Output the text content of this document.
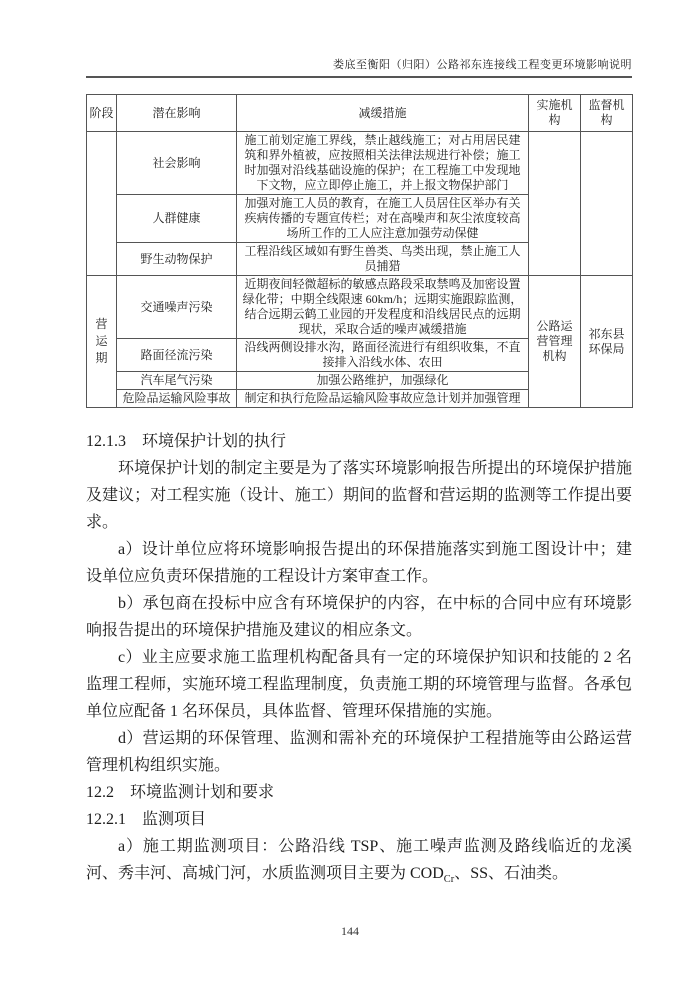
娄底至衡阳（归阳）公路祁东连接线工程变更环境影响说明
阶段	潜在影响	减缓措施	实施机构	监督机构
	社会影响	施工前划定施工界线，禁止越线施工；对占用居民建筑和界外植被，应按照相关法律法规进行补偿；施工时加强对沿线基础设施的保护；在工程施工中发现地下文物，应立即停止施工，并上报文物保护部门		
	人群健康	加强对施工人员的教育，在施工人员居住区举办有关疾病传播的专题宣传栏；对在高噪声和灰尘浓度较高场所工作的工人应注意加强劳动保健		
	野生动物保护	工程沿线区域如有野生兽类、鸟类出现，禁止施工人员捕猎		
营运期	交通噪声污染	近期夜间轻微超标的敏感点路段采取禁鸣及加密设置绿化带；中期全线限速 60km/h；远期实施跟踪监测，结合远期云鹤工业园的开发程度和沿线居民点的远期现状，采取合适的噪声减缓措施	公路运营管理机构	祁东县环保局
	路面径流污染	沿线两侧设排水沟，路面径流进行有组织收集，不直接排入沿线水体、农田		
	汽车尾气污染	加强公路维护，加强绿化		
	危险品运输风险事故	制定和执行危险品运输风险事故应急计划并加强管理		
12.1.3　环境保护计划的执行

环境保护计划的制定主要是为了落实环境影响报告所提出的环境保护措施及建议；对工程实施（设计、施工）期间的监督和营运期的监测等工作提出要求。

a）设计单位应将环境影响报告提出的环保措施落实到施工图设计中；建设单位应负责环保措施的工程设计方案审查工作。

b）承包商在投标中应含有环境保护的内容，在中标的合同中应有环境影响报告提出的环境保护措施及建议的相应条文。

c）业主应要求施工监理机构配备具有一定的环境保护知识和技能的 2 名监理工程师，实施环境工程监理制度，负责施工期的环境管理与监督。各承包单位应配备 1 名环保员，具体监督、管理环保措施的实施。

d）营运期的环保管理、监测和需补充的环境保护工程措施等由公路运营管理机构组织实施。

12.2　环境监测计划和要求
12.2.1　监测项目

a）施工期监测项目：公路沿线 TSP、施工噪声监测及路线临近的龙溪河、秀丰河、高城门河，水质监测项目主要为 $COD_{Cr}$、SS、石油类。

144
